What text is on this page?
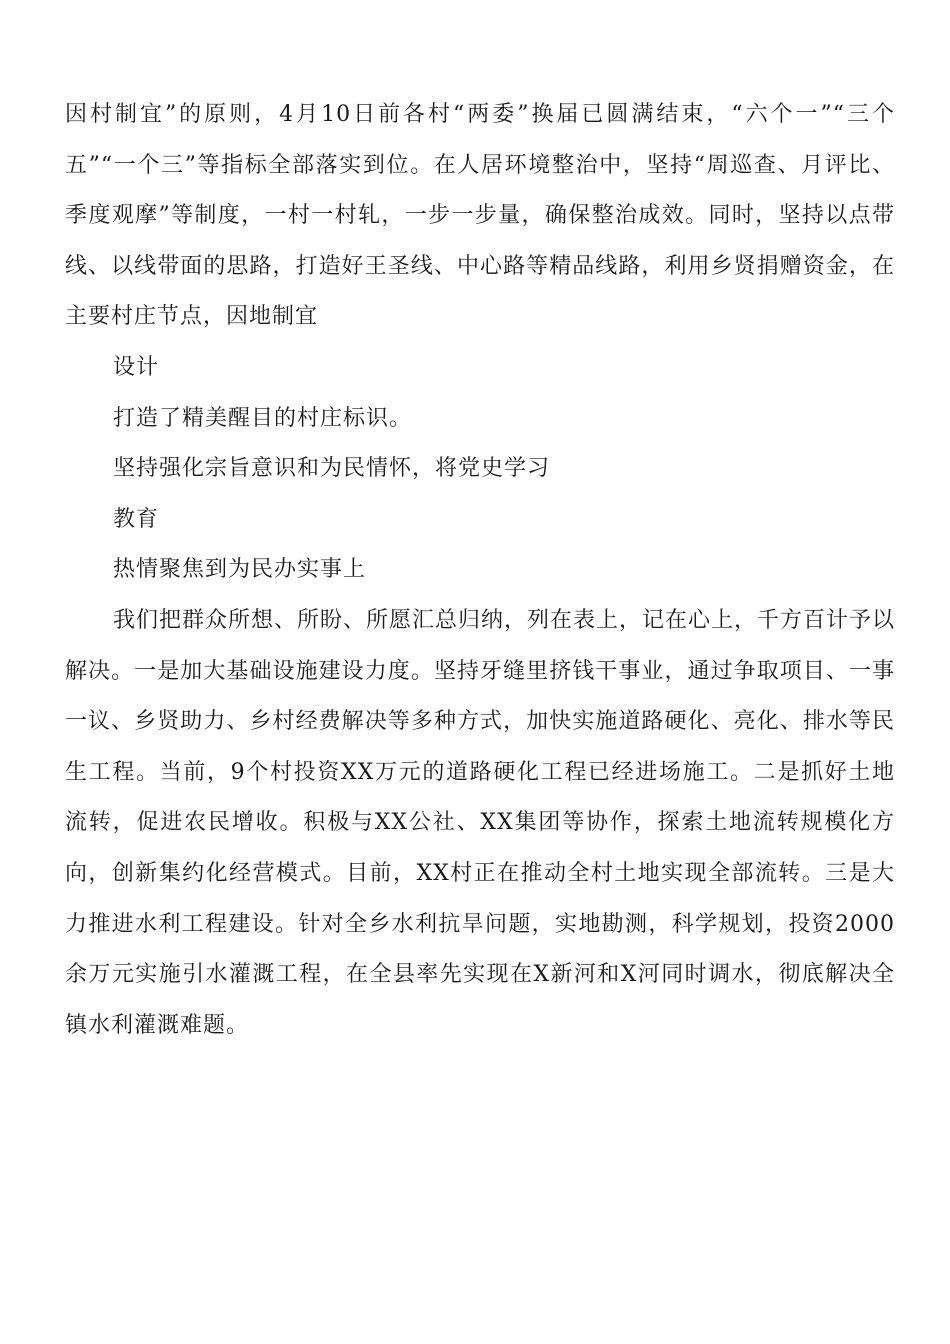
因村制宜”的原则，4月10日前各村“两委”换届已圆满结束，“六个一”“三个五”“一个三”等指标全部落实到位。在人居环境整治中，坚持“周巡查、月评比、季度观摩”等制度，一村一村轧，一步一步量，确保整治成效。同时，坚持以点带线、以线带面的思路，打造好王圣线、中心路等精品线路，利用乡贤捐赠资金，在主要村庄节点，因地制宜

设计

打造了精美醒目的村庄标识。

坚持强化宗旨意识和为民情怀，将党史学习

教育

热情聚焦到为民办实事上

我们把群众所想、所盼、所愿汇总归纳，列在表上，记在心上，千方百计予以解决。一是加大基础设施建设力度。坚持牙缝里挤钱干事业，通过争取项目、一事一议、乡贤助力、乡村经费解决等多种方式，加快实施道路硬化、亮化、排水等民生工程。当前，9个村投资XX万元的道路硬化工程已经进场施工。二是抓好土地流转，促进农民增收。积极与XX公社、XX集团等协作，探索土地流转规模化方向，创新集约化经营模式。目前，XX村正在推动全村土地实现全部流转。三是大力推进水利工程建设。针对全乡水利抗旱问题，实地勘测，科学规划，投资2000余万元实施引水灌溉工程，在全县率先实现在X新河和X河同时调水，彻底解决全镇水利灌溉难题。
